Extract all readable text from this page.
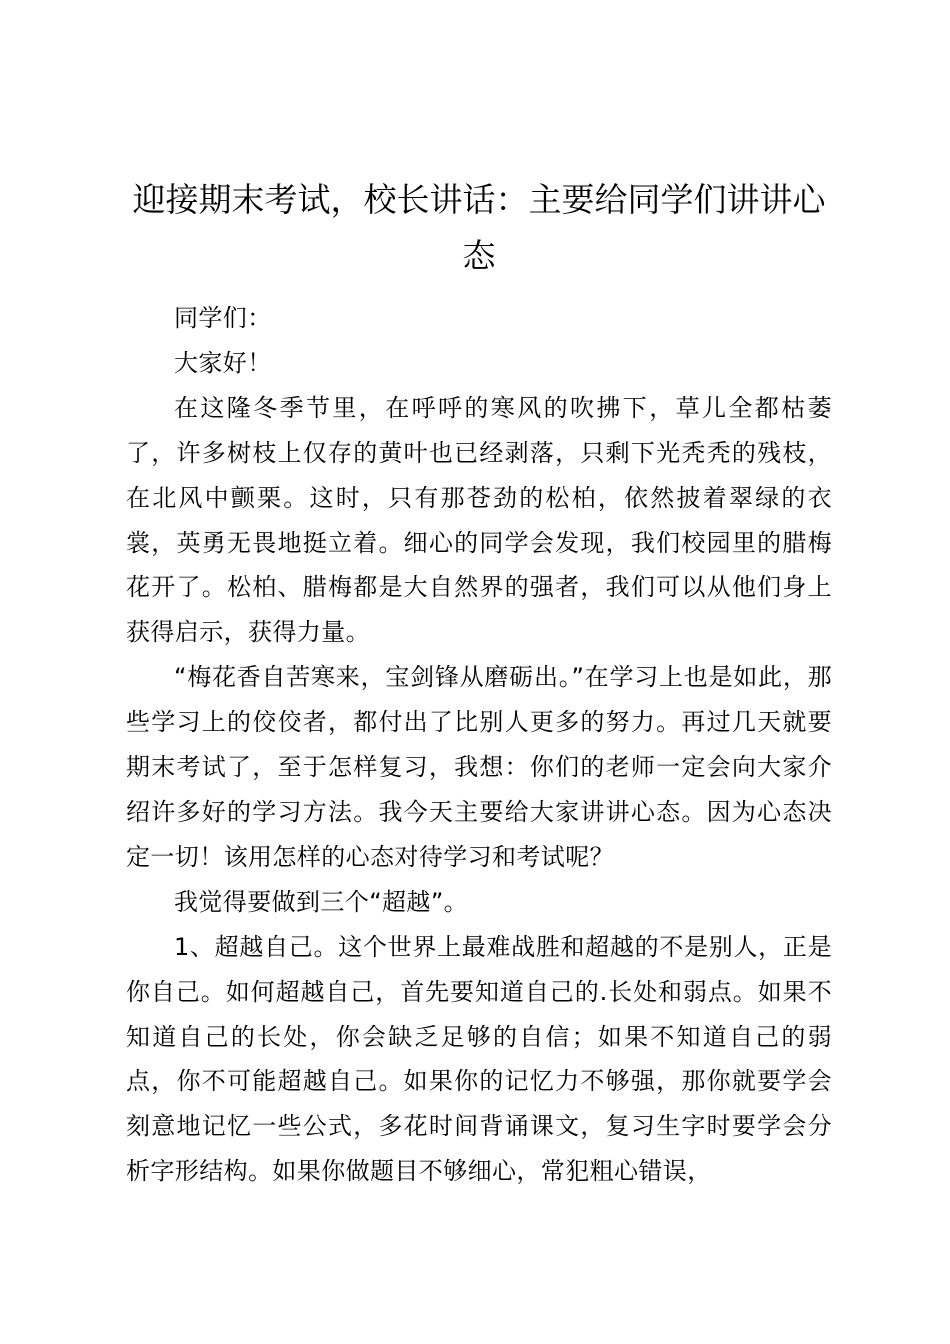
迎接期末考试，校长讲话：主要给同学们讲讲心态

同学们：

大家好！

在这隆冬季节里，在呼呼的寒风的吹拂下，草儿全都枯萎了，许多树枝上仅存的黄叶也已经剥落，只剩下光秃秃的残枝，在北风中颤栗。这时，只有那苍劲的松柏，依然披着翠绿的衣裳，英勇无畏地挺立着。细心的同学会发现，我们校园里的腊梅花开了。松柏、腊梅都是大自然界的强者，我们可以从他们身上获得启示，获得力量。

“梅花香自苦寒来，宝剑锋从磨砺出。”在学习上也是如此，那些学习上的佼佼者，都付出了比别人更多的努力。再过几天就要期末考试了，至于怎样复习，我想：你们的老师一定会向大家介绍许多好的学习方法。我今天主要给大家讲讲心态。因为心态决定一切！该用怎样的心态对待学习和考试呢？

我觉得要做到三个“超越”。

1、超越自己。这个世界上最难战胜和超越的不是别人，正是你自己。如何超越自己，首先要知道自己的.长处和弱点。如果不知道自己的长处，你会缺乏足够的自信；如果不知道自己的弱点，你不可能超越自己。如果你的记忆力不够强，那你就要学会刻意地记忆一些公式，多花时间背诵课文，复习生字时要学会分析字形结构。如果你做题目不够细心，常犯粗心错误，
